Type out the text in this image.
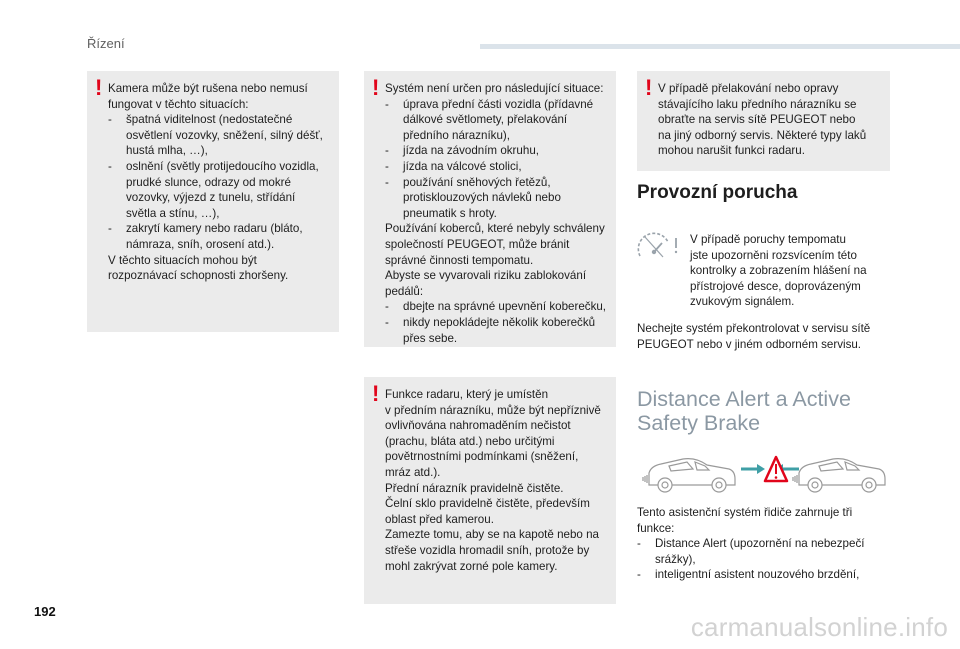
Řízení
! Kamera může být rušena nebo nemusí
fungovat v těchto situacích:
- špatná viditelnost (nedostatečné
osvětlení vozovky, sněžení, silný déšť,
hustá mlha, …),
- oslnění (světly protijedoucího vozidla,
prudké slunce, odrazy od mokré
vozovky, výjezd z tunelu, střídání
světla a stínu, …),
- zakrytí kamery nebo radaru (bláto,
námraza, sníh, orosení atd.).
V těchto situacích mohou být
rozpoznávací schopnosti zhoršeny.
! Systém není určen pro následující situace:
- úprava přední části vozidla (přídavné
dálkové světlomety, přelakování
předního nárazníku),
- jízda na závodním okruhu,
- jízda na válcové stolici,
- používání sněhových řetězů,
protisklouzových návleků nebo
pneumatik s hroty.
Používání koberců, které nebyly schváleny
společností PEUGEOT, může bránit
správné činnosti tempomatu.
Abyste se vyvarovali riziku zablokování
pedálů:
- dbejte na správné upevnění koberečku,
- nikdy nepokládejte několik koberečků
přes sebe.
! Funkce radaru, který je umístěn
v předním nárazníku, může být nepříznivě
ovlivňována nahromaděním nečistot
(prachu, bláta atd.) nebo určitými
povětrnostními podmínkami (sněžení,
mráz atd.).
Přední nárazník pravidelně čistěte.
Čelní sklo pravidelně čistěte, především
oblast před kamerou.
Zamezte tomu, aby se na kapotě nebo na
střeše vozidla hromadil sníh, protože by
mohl zakrývat zorné pole kamery.
! V případě přelakování nebo opravy
stávajícího laku předního nárazníku se
obraťte na servis sítě PEUGEOT nebo
na jiný odborný servis. Některé typy laků
mohou narušit funkci radaru.
Provozní porucha
V případě poruchy tempomatu
jste upozorněni rozsvícením této
kontrolky a zobrazením hlášení na
přístrojové desce, doprovázeným
zvukovým signálem.
Nechejte systém překontrolovat v servisu sítě
PEUGEOT nebo v jiném odborném servisu.
Distance Alert a Active
Safety Brake
Tento asistenční systém řidiče zahrnuje tři
funkce:
- Distance Alert (upozornění na nebezpečí
srážky),
- inteligentní asistent nouzového brzdění,
192
carmanualsonline.info
